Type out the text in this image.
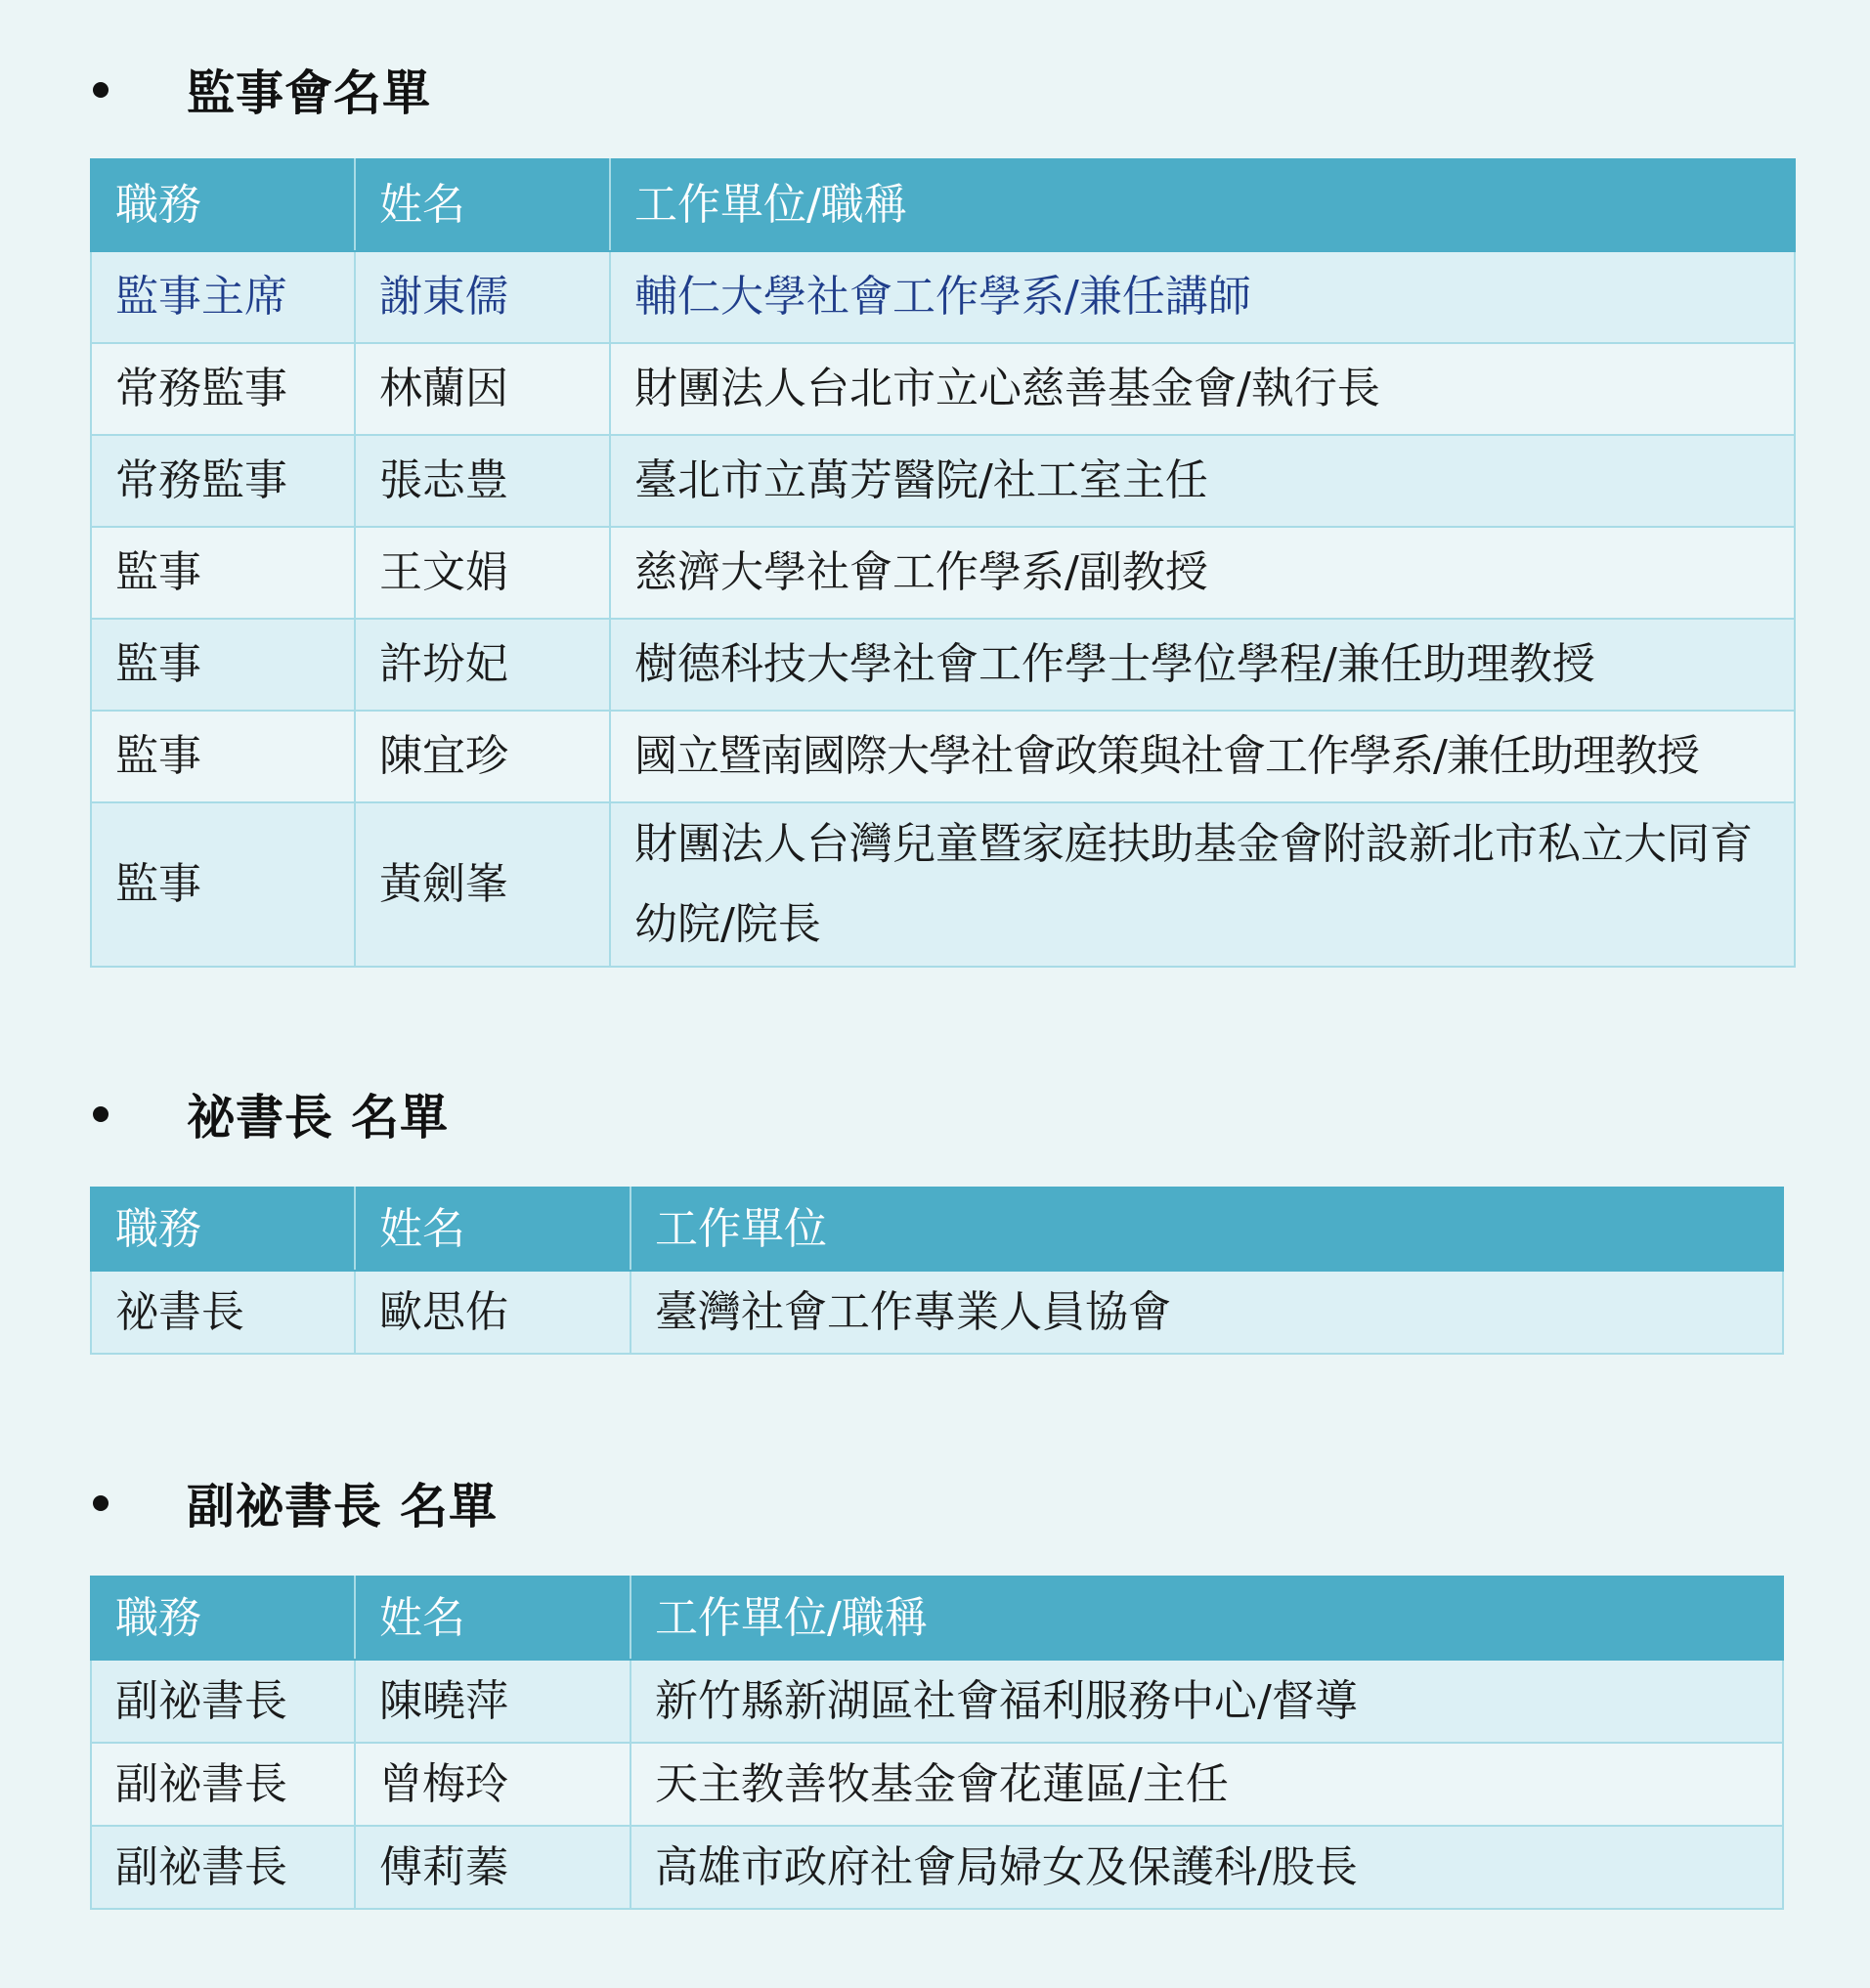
監事會名單
職務	姓名	工作單位/職稱
監事主席	謝東儒	輔仁大學社會工作學系/兼任講師
常務監事	林蘭因	財團法人台北市立心慈善基金會/執行長
常務監事	張志豊	臺北市立萬芳醫院/社工室主任
監事	王文娟	慈濟大學社會工作學系/副教授
監事	許坋妃	樹德科技大學社會工作學士學位學程/兼任助理教授
監事	陳宜珍	國立暨南國際大學社會政策與社會工作學系/兼任助理教授
監事	黃劍峯	財團法人台灣兒童暨家庭扶助基金會附設新北市私立大同育幼院/院長
祕書長 名單
職務	姓名	工作單位
祕書長	歐思佑	臺灣社會工作專業人員協會
副祕書長 名單
職務	姓名	工作單位/職稱
副祕書長	陳曉萍	新竹縣新湖區社會福利服務中心/督導
副祕書長	曾梅玲	天主教善牧基金會花蓮區/主任
副祕書長	傅莉蓁	高雄市政府社會局婦女及保護科/股長
